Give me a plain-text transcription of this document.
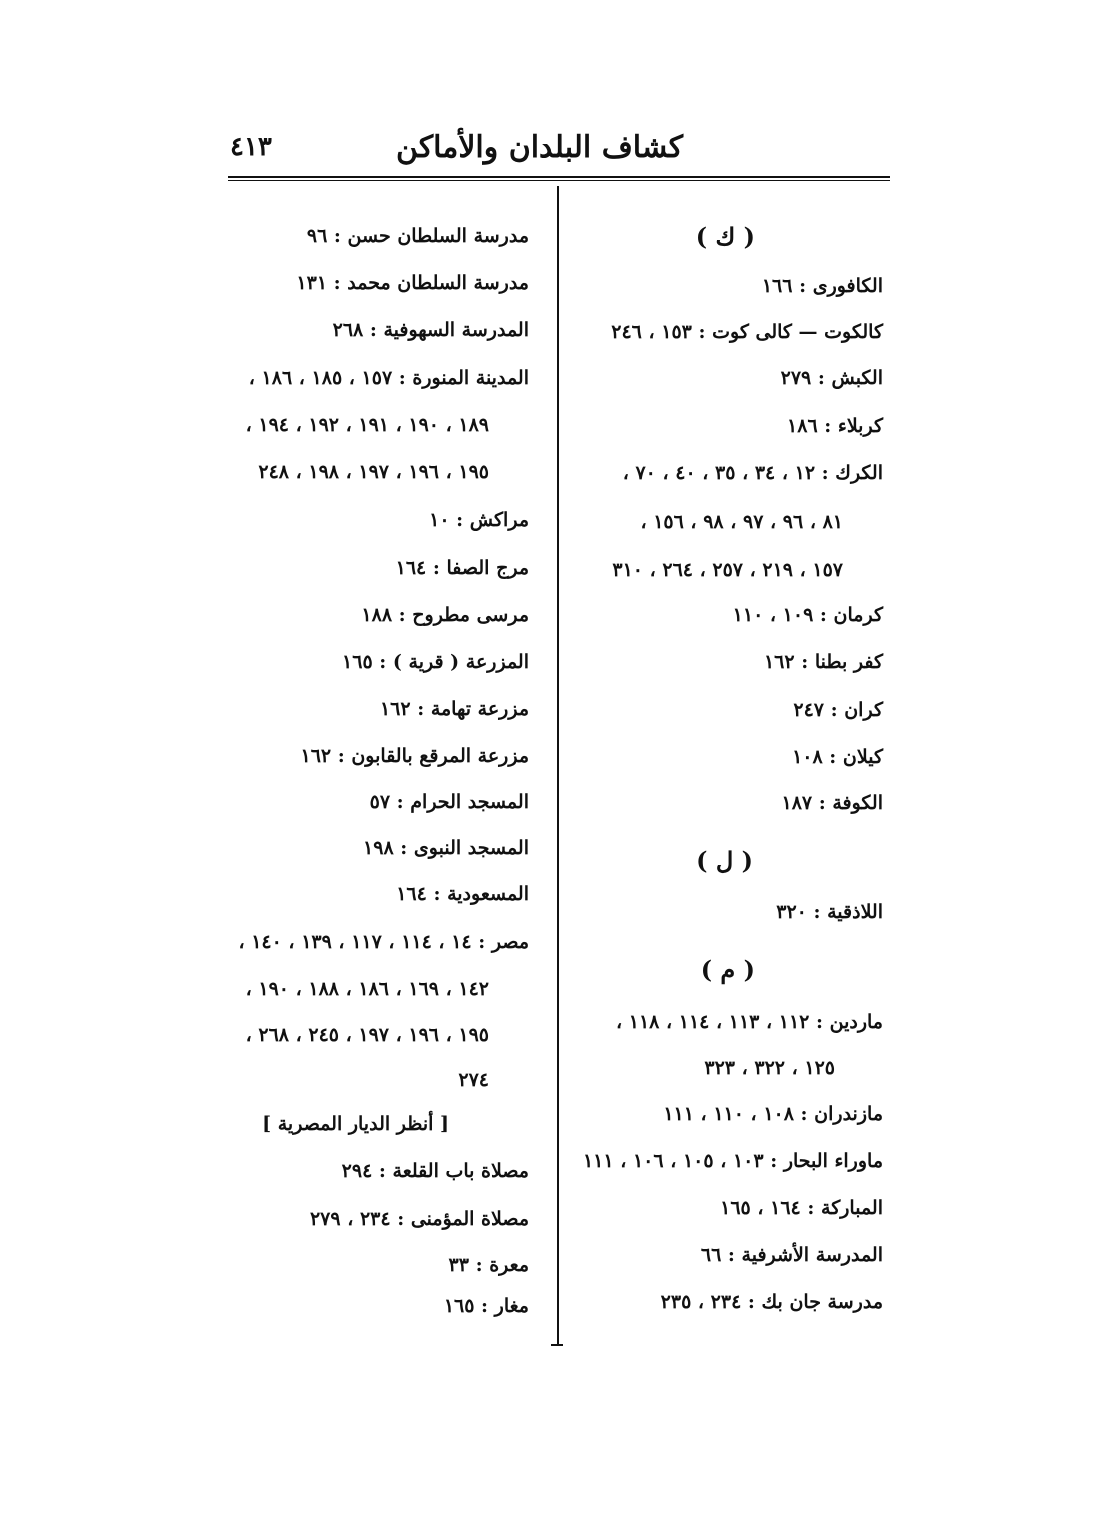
كشاف البلدان والأماكن
٤١٣
( ك )
الكافورى : ١٦٦
كالكوت — كالى كوت : ١٥٣ ، ٢٤٦
الكبش : ٢٧٩
كربلاء : ١٨٦
الكرك : ١٢ ، ٣٤ ، ٣٥ ، ٤٠ ، ٧٠ ،
٨١ ، ٩٦ ، ٩٧ ، ٩٨ ، ١٥٦ ،
١٥٧ ، ٢١٩ ، ٢٥٧ ، ٢٦٤ ، ٣١٠
كرمان : ١٠٩ ، ١١٠
كفر بطنا : ١٦٢
كران : ٢٤٧
كيلان : ١٠٨
الكوفة : ١٨٧
( ل )
اللاذقية : ٣٢٠
( م )
ماردين : ١١٢ ، ١١٣ ، ١١٤ ، ١١٨ ،
١٢٥ ، ٣٢٢ ، ٣٢٣
مازندران : ١٠٨ ، ١١٠ ، ١١١
ماوراء البحار : ١٠٣ ، ١٠٥ ، ١٠٦ ، ١١١
المباركة : ١٦٤ ، ١٦٥
المدرسة الأشرفية : ٦٦
مدرسة جان بك : ٢٣٤ ، ٢٣٥
مدرسة السلطان حسن : ٩٦
مدرسة السلطان محمد : ١٣١
المدرسة السهوفية : ٢٦٨
المدينة المنورة : ١٥٧ ، ١٨٥ ، ١٨٦ ،
١٨٩ ، ١٩٠ ، ١٩١ ، ١٩٢ ، ١٩٤ ،
١٩٥ ، ١٩٦ ، ١٩٧ ، ١٩٨ ، ٢٤٨
مراكش : ١٠
مرج الصفا : ١٦٤
مرسى مطروح : ١٨٨
المزرعة ( قرية ) : ١٦٥
مزرعة تهامة : ١٦٢
مزرعة المرقع بالقابون : ١٦٢
المسجد الحرام : ٥٧
المسجد النبوى : ١٩٨
المسعودية : ١٦٤
مصر : ١٤ ، ١١٤ ، ١١٧ ، ١٣٩ ، ١٤٠ ،
١٤٢ ، ١٦٩ ، ١٨٦ ، ١٨٨ ، ١٩٠ ،
١٩٥ ، ١٩٦ ، ١٩٧ ، ٢٤٥ ، ٢٦٨ ،
٢٧٤
[ أنظر الديار المصرية ]
مصلاة باب القلعة : ٢٩٤
مصلاة المؤمنى : ٢٣٤ ، ٢٧٩
معرة : ٣٣
مغار : ١٦٥
